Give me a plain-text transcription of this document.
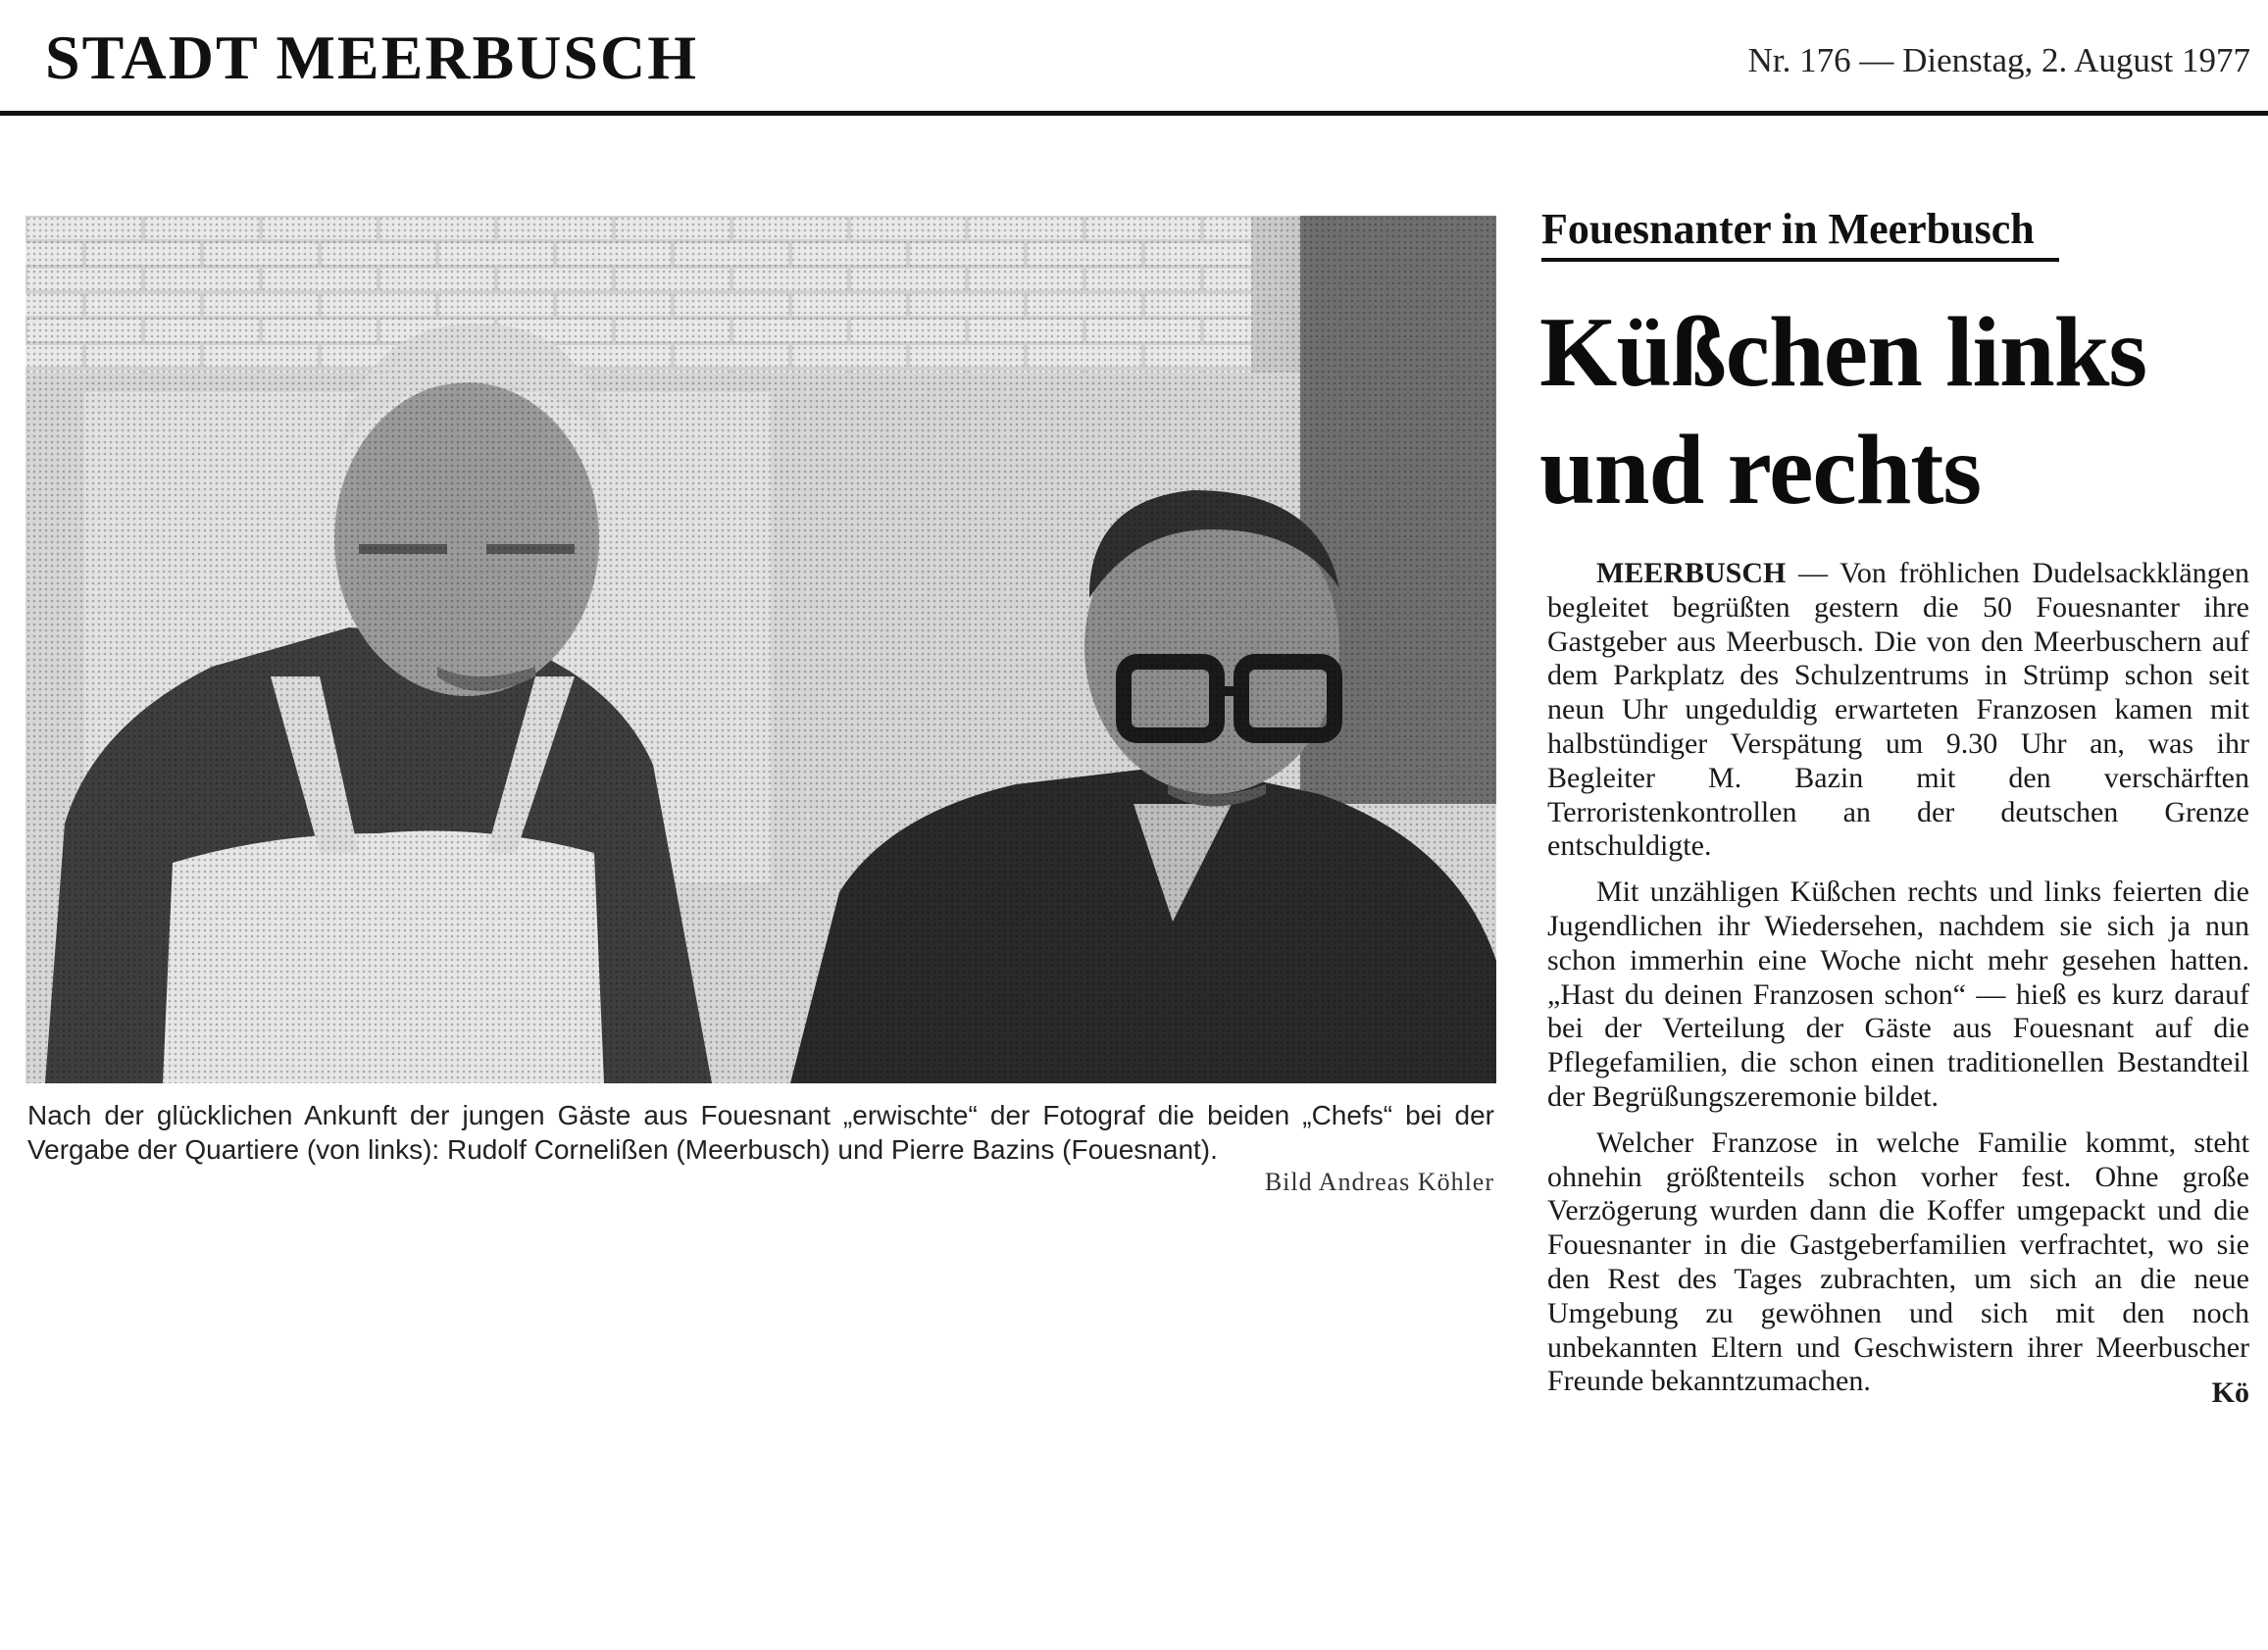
STADT MEERBUSCH	Nr. 176 — Dienstag, 2. August 1977
Nach der glücklichen Ankunft der jungen Gäste aus Fouesnant „erwischte“ der Fotograf die beiden „Chefs“ bei der Vergabe der Quartiere (von links): Rudolf Cornelißen (Meerbusch) und Pierre Bazins (Fouesnant).
Bild Andreas Köhler
Fouesnanter in Meerbusch
Küßchen links
und rechts

MEERBUSCH — Von fröhlichen Dudelsackklängen begleitet begrüßten gestern die 50 Fouesnanter ihre Gastgeber aus Meerbusch. Die von den Meerbuschern auf dem Parkplatz des Schulzentrums in Strümp schon seit neun Uhr ungeduldig erwarteten Franzosen kamen mit halbstündiger Verspätung um 9.30 Uhr an, was ihr Begleiter M. Bazin mit den verschärften Terroristenkontrollen an der deutschen Grenze entschuldigte.

Mit unzähligen Küßchen rechts und links feierten die Jugendlichen ihr Wiedersehen, nachdem sie sich ja nun schon immerhin eine Woche nicht mehr gesehen hatten. „Hast du deinen Franzosen schon“ — hieß es kurz darauf bei der Verteilung der Gäste aus Fouesnant auf die Pflegefamilien, die schon einen traditionellen Bestandteil der Begrüßungszeremonie bildet.

Welcher Franzose in welche Familie kommt, steht ohnehin größtenteils schon vorher fest. Ohne große Verzögerung wurden dann die Koffer umgepackt und die Fouesnanter in die Gastgeberfamilien verfrachtet, wo sie den Rest des Tages zubrachten, um sich an die neue Umgebung zu gewöhnen und sich mit den noch unbekannten Eltern und Geschwistern ihrer Meerbuscher Freunde bekanntzumachen.	Kö
